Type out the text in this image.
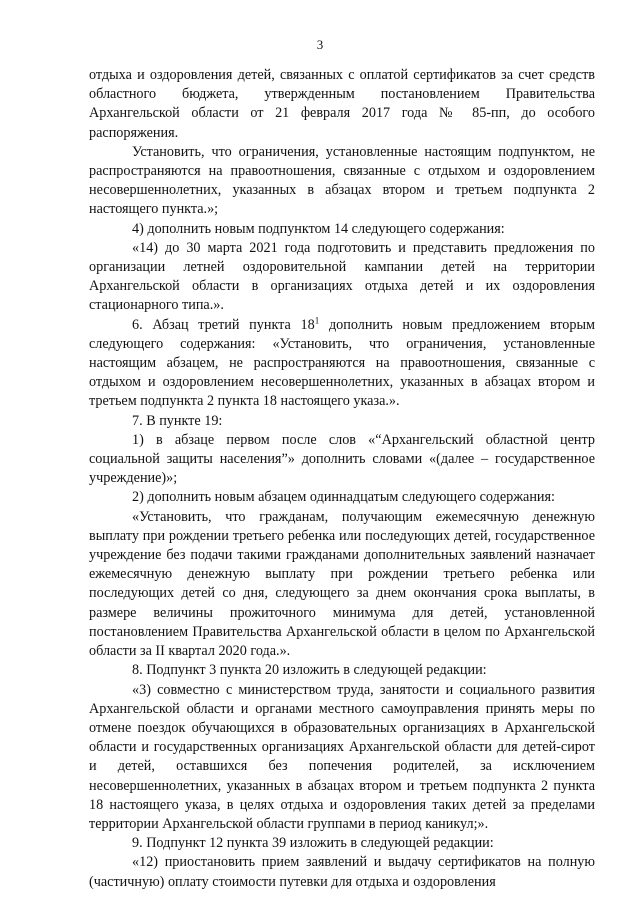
3

отдыха и оздоровления детей, связанных с оплатой сертификатов за счет средств областного бюджета, утвержденным постановлением Правительства Архангельской области от 21 февраля 2017 года № 85-пп, до особого распоряжения.

Установить, что ограничения, установленные настоящим подпунктом, не распространяются на правоотношения, связанные с отдыхом и оздоровлением несовершеннолетних, указанных в абзацах втором и третьем подпункта 2 настоящего пункта.»;

4) дополнить новым подпунктом 14 следующего содержания:

«14) до 30 марта 2021 года подготовить и представить предложения по организации летней оздоровительной кампании детей на территории Архангельской области в организациях отдыха детей и их оздоровления стационарного типа.».

6. Абзац третий пункта $18^1$ дополнить новым предложением вторым следующего содержания: «Установить, что ограничения, установленные настоящим абзацем, не распространяются на правоотношения, связанные с отдыхом и оздоровлением несовершеннолетних, указанных в абзацах втором и третьем подпункта 2 пункта 18 настоящего указа.».

7. В пункте 19:

1) в абзаце первом после слов «“Архангельский областной центр социальной защиты населения”» дополнить словами «(далее – государственное учреждение)»;

2) дополнить новым абзацем одиннадцатым следующего содержания:

«Установить, что гражданам, получающим ежемесячную денежную выплату при рождении третьего ребенка или последующих детей, государственное учреждение без подачи такими гражданами дополнительных заявлений назначает ежемесячную денежную выплату при рождении третьего ребенка или последующих детей со дня, следующего за днем окончания срока выплаты, в размере величины прожиточного минимума для детей, установленной постановлением Правительства Архангельской области в целом по Архангельской области за II квартал 2020 года.».

8. Подпункт 3 пункта 20 изложить в следующей редакции:

«3) совместно с министерством труда, занятости и социального развития Архангельской области и органами местного самоуправления принять меры по отмене поездок обучающихся в образовательных организациях в Архангельской области и государственных организациях Архангельской области для детей-сирот и детей, оставшихся без попечения родителей, за исключением несовершеннолетних, указанных в абзацах втором и третьем подпункта 2 пункта 18 настоящего указа, в целях отдыха и оздоровления таких детей за пределами территории Архангельской области группами в период каникул;».

9. Подпункт 12 пункта 39 изложить в следующей редакции:

«12) приостановить прием заявлений и выдачу сертификатов на полную (частичную) оплату стоимости путевки для отдыха и оздоровления
